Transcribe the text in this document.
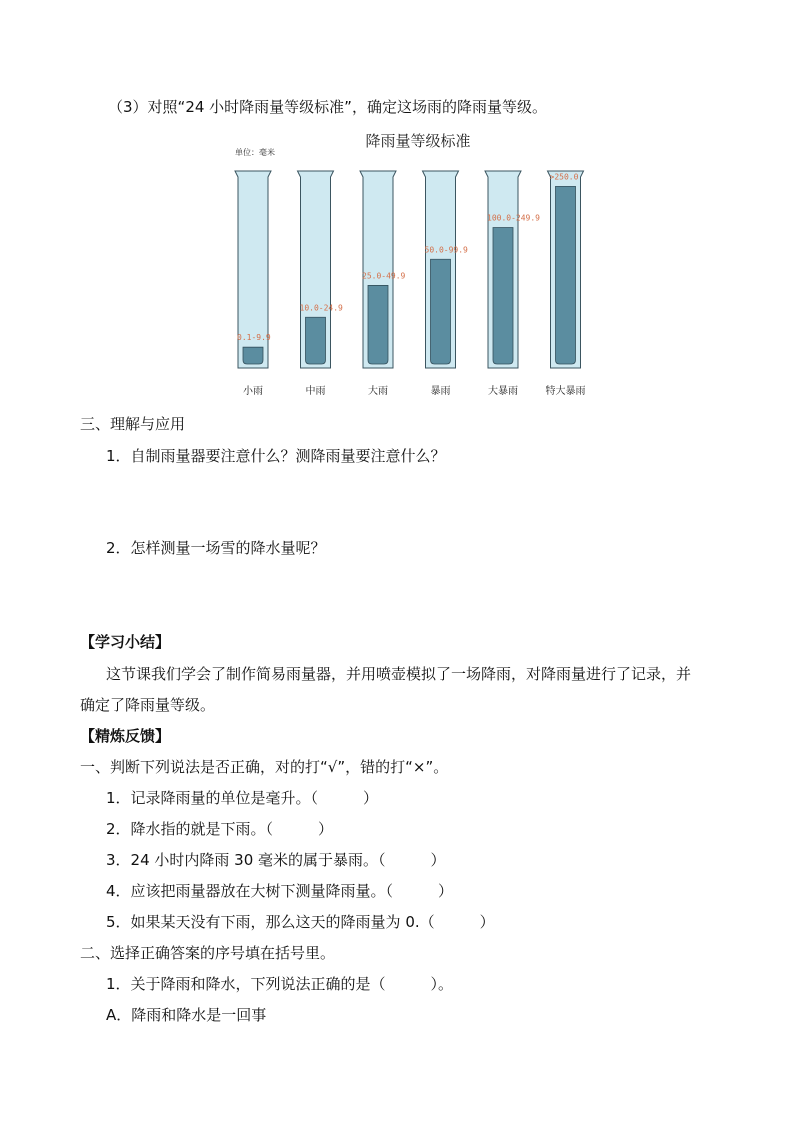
（3）对照“24 小时降雨量等级标准”，确定这场雨的降雨量等级。
降雨量等级标准
单位：毫米
0.1-9.9
小雨
10.0-24.9
中雨
25.0-49.9
大雨
50.0-99.9
暴雨
100.0-249.9
大暴雨
>250.0
特大暴雨
三、理解与应用
1．自制雨量器要注意什么？测降雨量要注意什么？
2．怎样测量一场雪的降水量呢？
【学习小结】
这节课我们学会了制作简易雨量器，并用喷壶模拟了一场降雨，对降雨量进行了记录，并
确定了降雨量等级。
【精炼反馈】
一、判断下列说法是否正确，对的打“√”，错的打“×”。
1．记录降雨量的单位是毫升。（　　　）
2．降水指的就是下雨。（　　　）
3．24 小时内降雨 30 毫米的属于暴雨。（　　　）
4．应该把雨量器放在大树下测量降雨量。（　　　）
5．如果某天没有下雨，那么这天的降雨量为 0.（　　　）
二、选择正确答案的序号填在括号里。
1．关于降雨和降水，下列说法正确的是（　　　）。
A．降雨和降水是一回事
